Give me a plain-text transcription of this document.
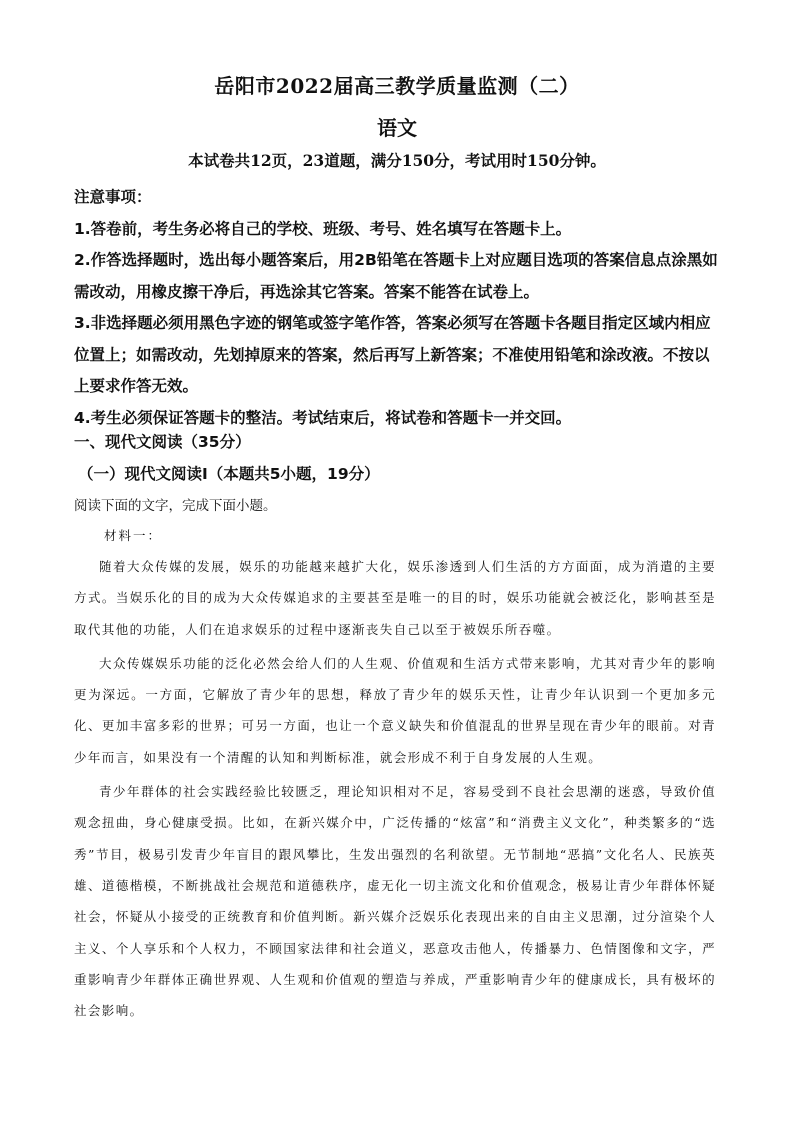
岳阳市2022届高三教学质量监测（二）
语文
本试卷共12页，23道题，满分150分，考试用时150分钟。

注意事项：

1.答卷前，考生务必将自己的学校、班级、考号、姓名填写在答题卡上。

2.作答选择题时，选出每小题答案后，用2B铅笔在答题卡上对应题目选项的答案信息点涂黑如需改动，用橡皮擦干净后，再选涂其它答案。答案不能答在试卷上。

3.非选择题必须用黑色字迹的钢笔或签字笔作答，答案必须写在答题卡各题目指定区域内相应位置上；如需改动，先划掉原来的答案，然后再写上新答案；不准使用铅笔和涂改液。不按以上要求作答无效。

4.考生必须保证答题卡的整洁。考试结束后，将试卷和答题卡一并交回。

一、现代文阅读（35分）
（一）现代文阅读Ⅰ（本题共5小题，19分）
阅读下面的文字，完成下面小题。
材料一：

随着大众传媒的发展，娱乐的功能越来越扩大化，娱乐渗透到人们生活的方方面面，成为消遣的主要方式。当娱乐化的目的成为大众传媒追求的主要甚至是唯一的目的时，娱乐功能就会被泛化，影响甚至是取代其他的功能，人们在追求娱乐的过程中逐渐丧失自己以至于被娱乐所吞噬。

大众传媒娱乐功能的泛化必然会给人们的人生观、价值观和生活方式带来影响，尤其对青少年的影响更为深远。一方面，它解放了青少年的思想，释放了青少年的娱乐天性，让青少年认识到一个更加多元化、更加丰富多彩的世界；可另一方面，也让一个意义缺失和价值混乱的世界呈现在青少年的眼前。对青少年而言，如果没有一个清醒的认知和判断标准，就会形成不利于自身发展的人生观。

青少年群体的社会实践经验比较匮乏，理论知识相对不足，容易受到不良社会思潮的迷惑，导致价值观念扭曲，身心健康受损。比如，在新兴媒介中，广泛传播的“炫富”和“消费主义文化”，种类繁多的“选秀”节目，极易引发青少年盲目的跟风攀比，生发出强烈的名利欲望。无节制地“恶搞”文化名人、民族英雄、道德楷模，不断挑战社会规范和道德秩序，虚无化一切主流文化和价值观念，极易让青少年群体怀疑社会，怀疑从小接受的正统教育和价值判断。新兴媒介泛娱乐化表现出来的自由主义思潮，过分渲染个人主义、个人享乐和个人权力，不顾国家法律和社会道义，恶意攻击他人，传播暴力、色情图像和文字，严重影响青少年群体正确世界观、人生观和价值观的塑造与养成，严重影响青少年的健康成长，具有极坏的社会影响。
